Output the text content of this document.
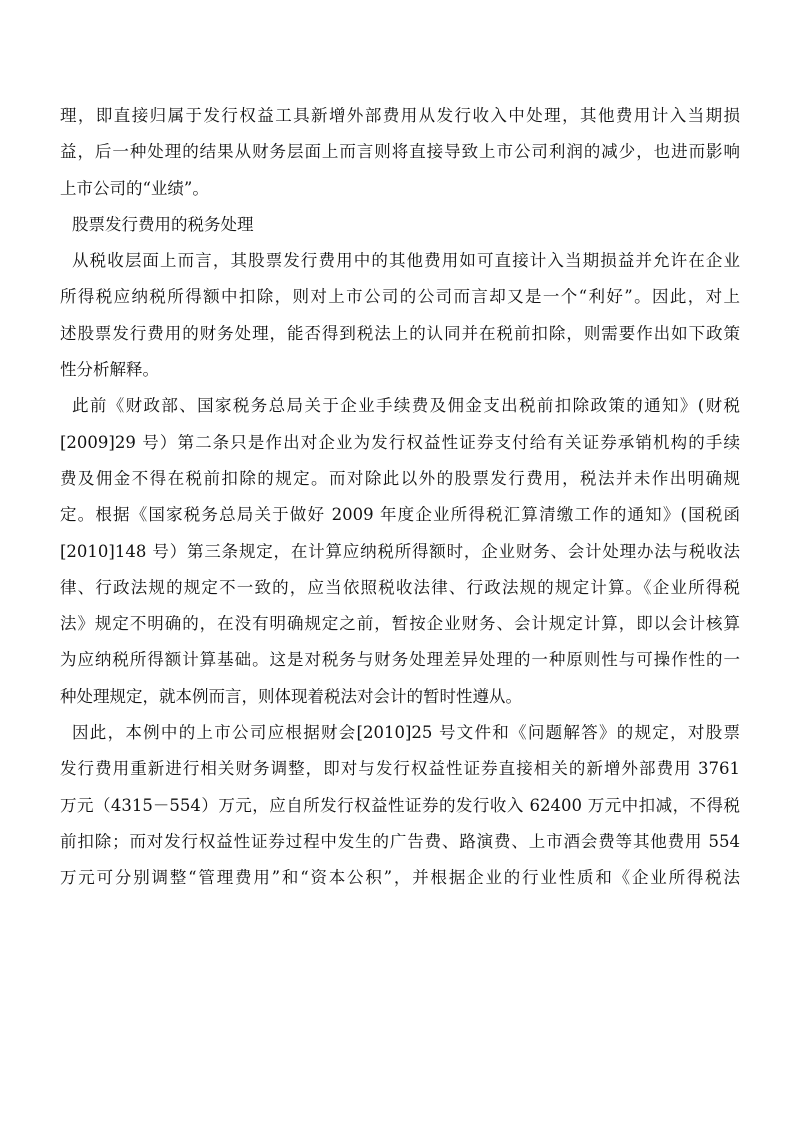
理，即直接归属于发行权益工具新增外部费用从发行收入中处理，其他费用计入当期损
益，后一种处理的结果从财务层面上而言则将直接导致上市公司利润的减少，也进而影响
上市公司的“业绩”。
股票发行费用的税务处理
从税收层面上而言，其股票发行费用中的其他费用如可直接计入当期损益并允许在企业
所得税应纳税所得额中扣除，则对上市公司的公司而言却又是一个“利好”。因此，对上
述股票发行费用的财务处理，能否得到税法上的认同并在税前扣除，则需要作出如下政策
性分析解释。
此前《财政部、国家税务总局关于企业手续费及佣金支出税前扣除政策的通知》(财税
[2009]29 号）第二条只是作出对企业为发行权益性证券支付给有关证券承销机构的手续
费及佣金不得在税前扣除的规定。而对除此以外的股票发行费用，税法并未作出明确规
定。根据《国家税务总局关于做好 2009 年度企业所得税汇算清缴工作的通知》(国税函
[2010]148 号）第三条规定，在计算应纳税所得额时，企业财务、会计处理办法与税收法
律、行政法规的规定不一致的，应当依照税收法律、行政法规的规定计算。《企业所得税
法》规定不明确的，在没有明确规定之前，暂按企业财务、会计规定计算，即以会计核算
为应纳税所得额计算基础。这是对税务与财务处理差异处理的一种原则性与可操作性的一
种处理规定，就本例而言，则体现着税法对会计的暂时性遵从。
因此，本例中的上市公司应根据财会[2010]25 号文件和《问题解答》的规定，对股票
发行费用重新进行相关财务调整，即对与发行权益性证券直接相关的新增外部费用 3761
万元（4315－554）万元，应自所发行权益性证券的发行收入 62400 万元中扣减，不得税
前扣除；而对发行权益性证券过程中发生的广告费、路演费、上市酒会费等其他费用 554
万元可分别调整“管理费用”和“资本公积”，并根据企业的行业性质和《企业所得税法
